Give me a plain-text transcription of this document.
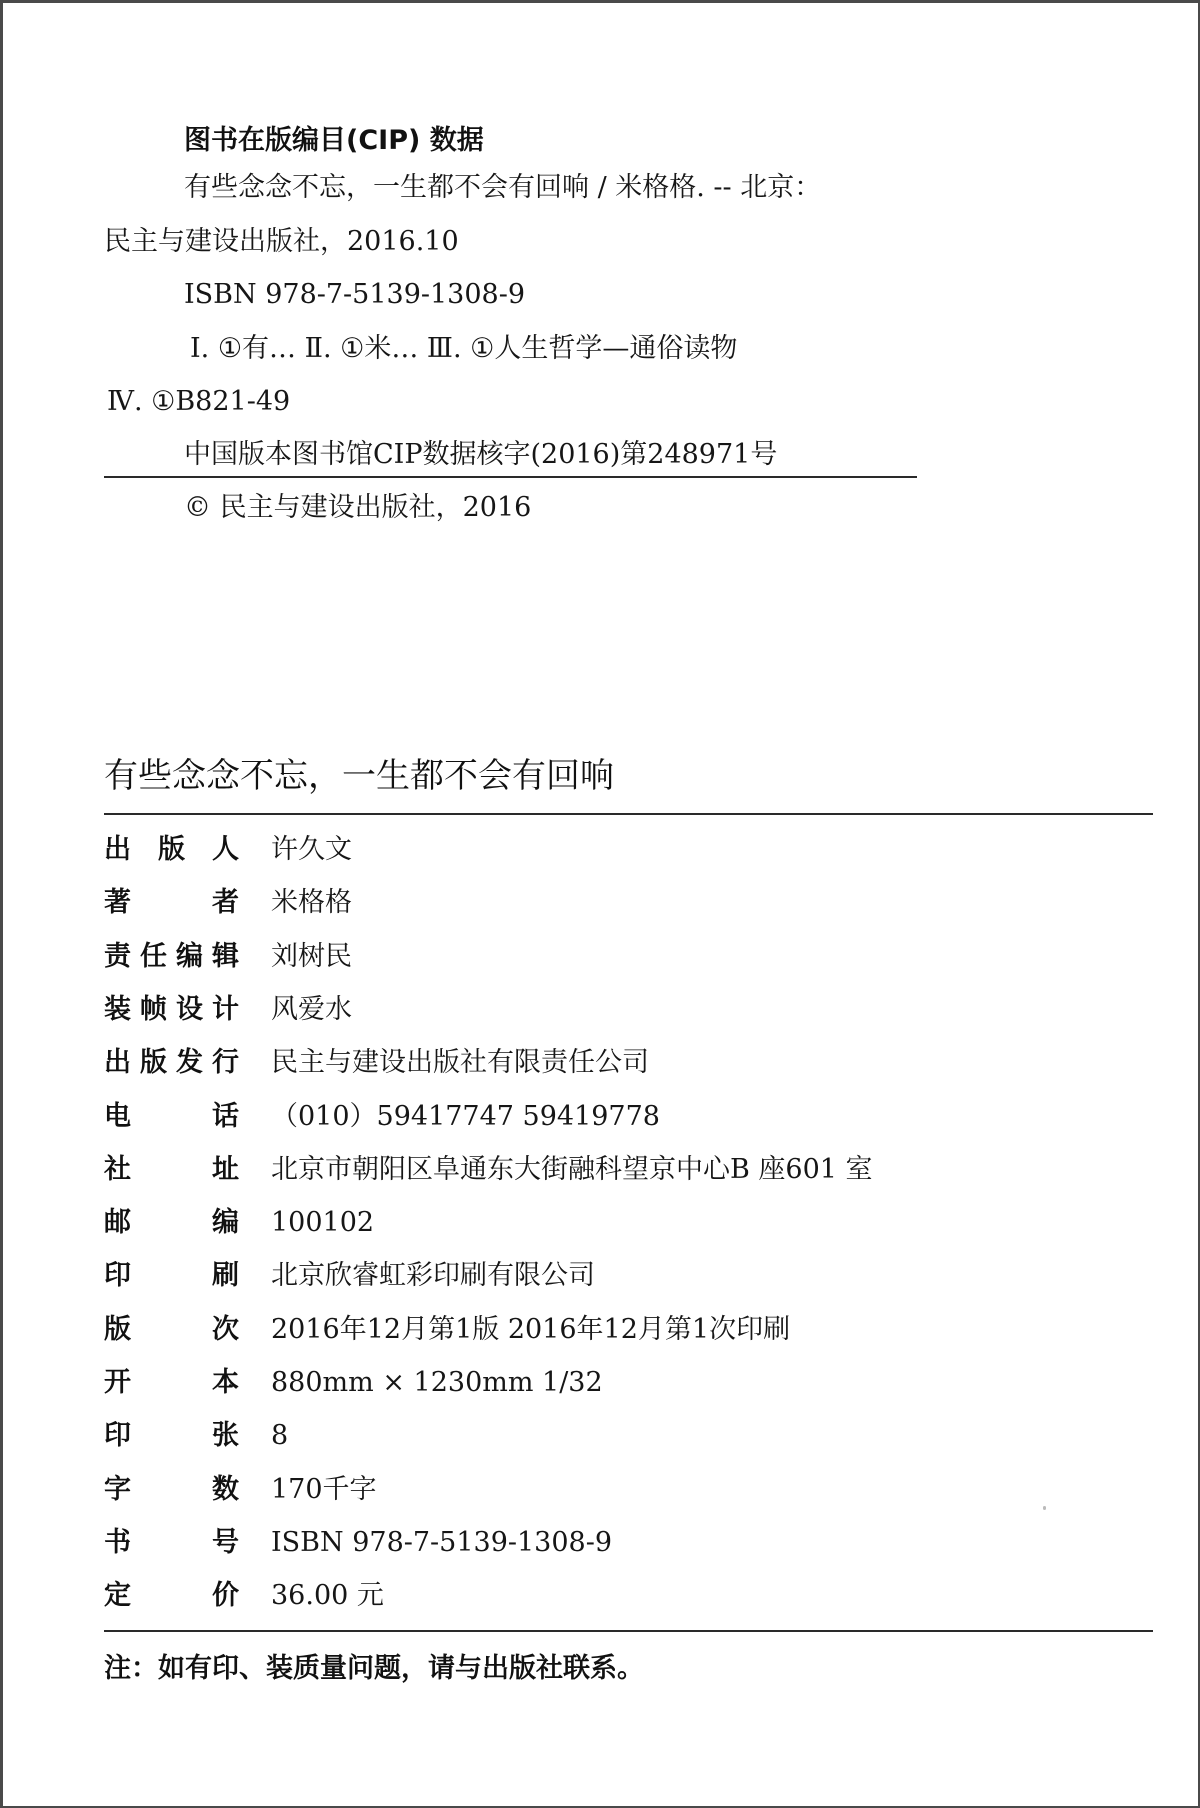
图书在版编目(CIP) 数据
有些念念不忘，一生都不会有回响 / 米格格. -- 北京：
民主与建设出版社，2016.10
ISBN 978-7-5139-1308-9
Ⅰ. ①有… Ⅱ. ①米… Ⅲ. ①人生哲学—通俗读物
Ⅳ. ①B821-49
中国版本图书馆CIP数据核字(2016)第248971号
© 民主与建设出版社，2016
有些念念不忘，一生都不会有回响
出 版 人 许久文
著	者 米格格
责 任 编 辑 刘树民
装 帧 设 计 风爱水
出 版 发 行 民主与建设出版社有限责任公司
电	话 （010）59417747 59419778
社	址 北京市朝阳区阜通东大街融科望京中心B 座601 室
邮	编 100102
印	刷 北京欣睿虹彩印刷有限公司
版	次 2016年12月第1版 2016年12月第1次印刷
开	本 880mm × 1230mm 1/32
印	张 8
字	数 170千字
书	号 ISBN 978-7-5139-1308-9
定	价 36.00 元
注：如有印、装质量问题，请与出版社联系。
